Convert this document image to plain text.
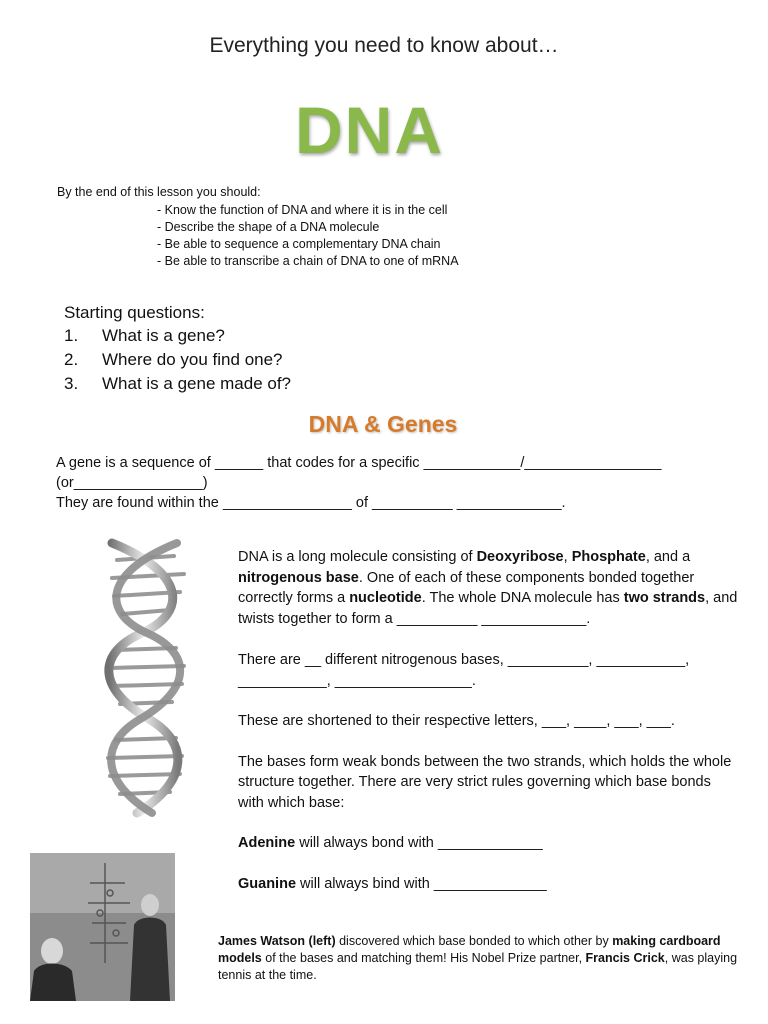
Everything you need to know about…
DNA
By the end of this lesson you should:
- Know the function of DNA and where it is in the cell
- Describe the shape of a DNA molecule
- Be able to sequence a complementary DNA chain
- Be able to transcribe a chain of DNA to one of mRNA
Starting questions:
1.	What is a gene?
2.	Where do you find one?
3.	What is a gene made of?
DNA & Genes
A gene is a sequence of ______ that codes for a specific ____________/_________________
(or________________)
They are found within the ________________ of __________ _____________.

DNA is a long molecule consisting of Deoxyribose, Phosphate, and a nitrogenous base. One of each of these components bonded together correctly forms a nucleotide. The whole DNA molecule has two strands, and twists together to form a __________ _____________.

There are __ different nitrogenous bases, __________, ___________, ___________, _________________.

These are shortened to their respective letters, ___, ____, ___, ___.

The bases form weak bonds between the two strands, which holds the whole structure together. There are very strict rules governing which base bonds with which base:

Adenine will always bond with _____________

Guanine will always bind with ______________

James Watson (left) discovered which base bonded to which other by making cardboard models of the bases and matching them! His Nobel Prize partner, Francis Crick, was playing tennis at the time.
